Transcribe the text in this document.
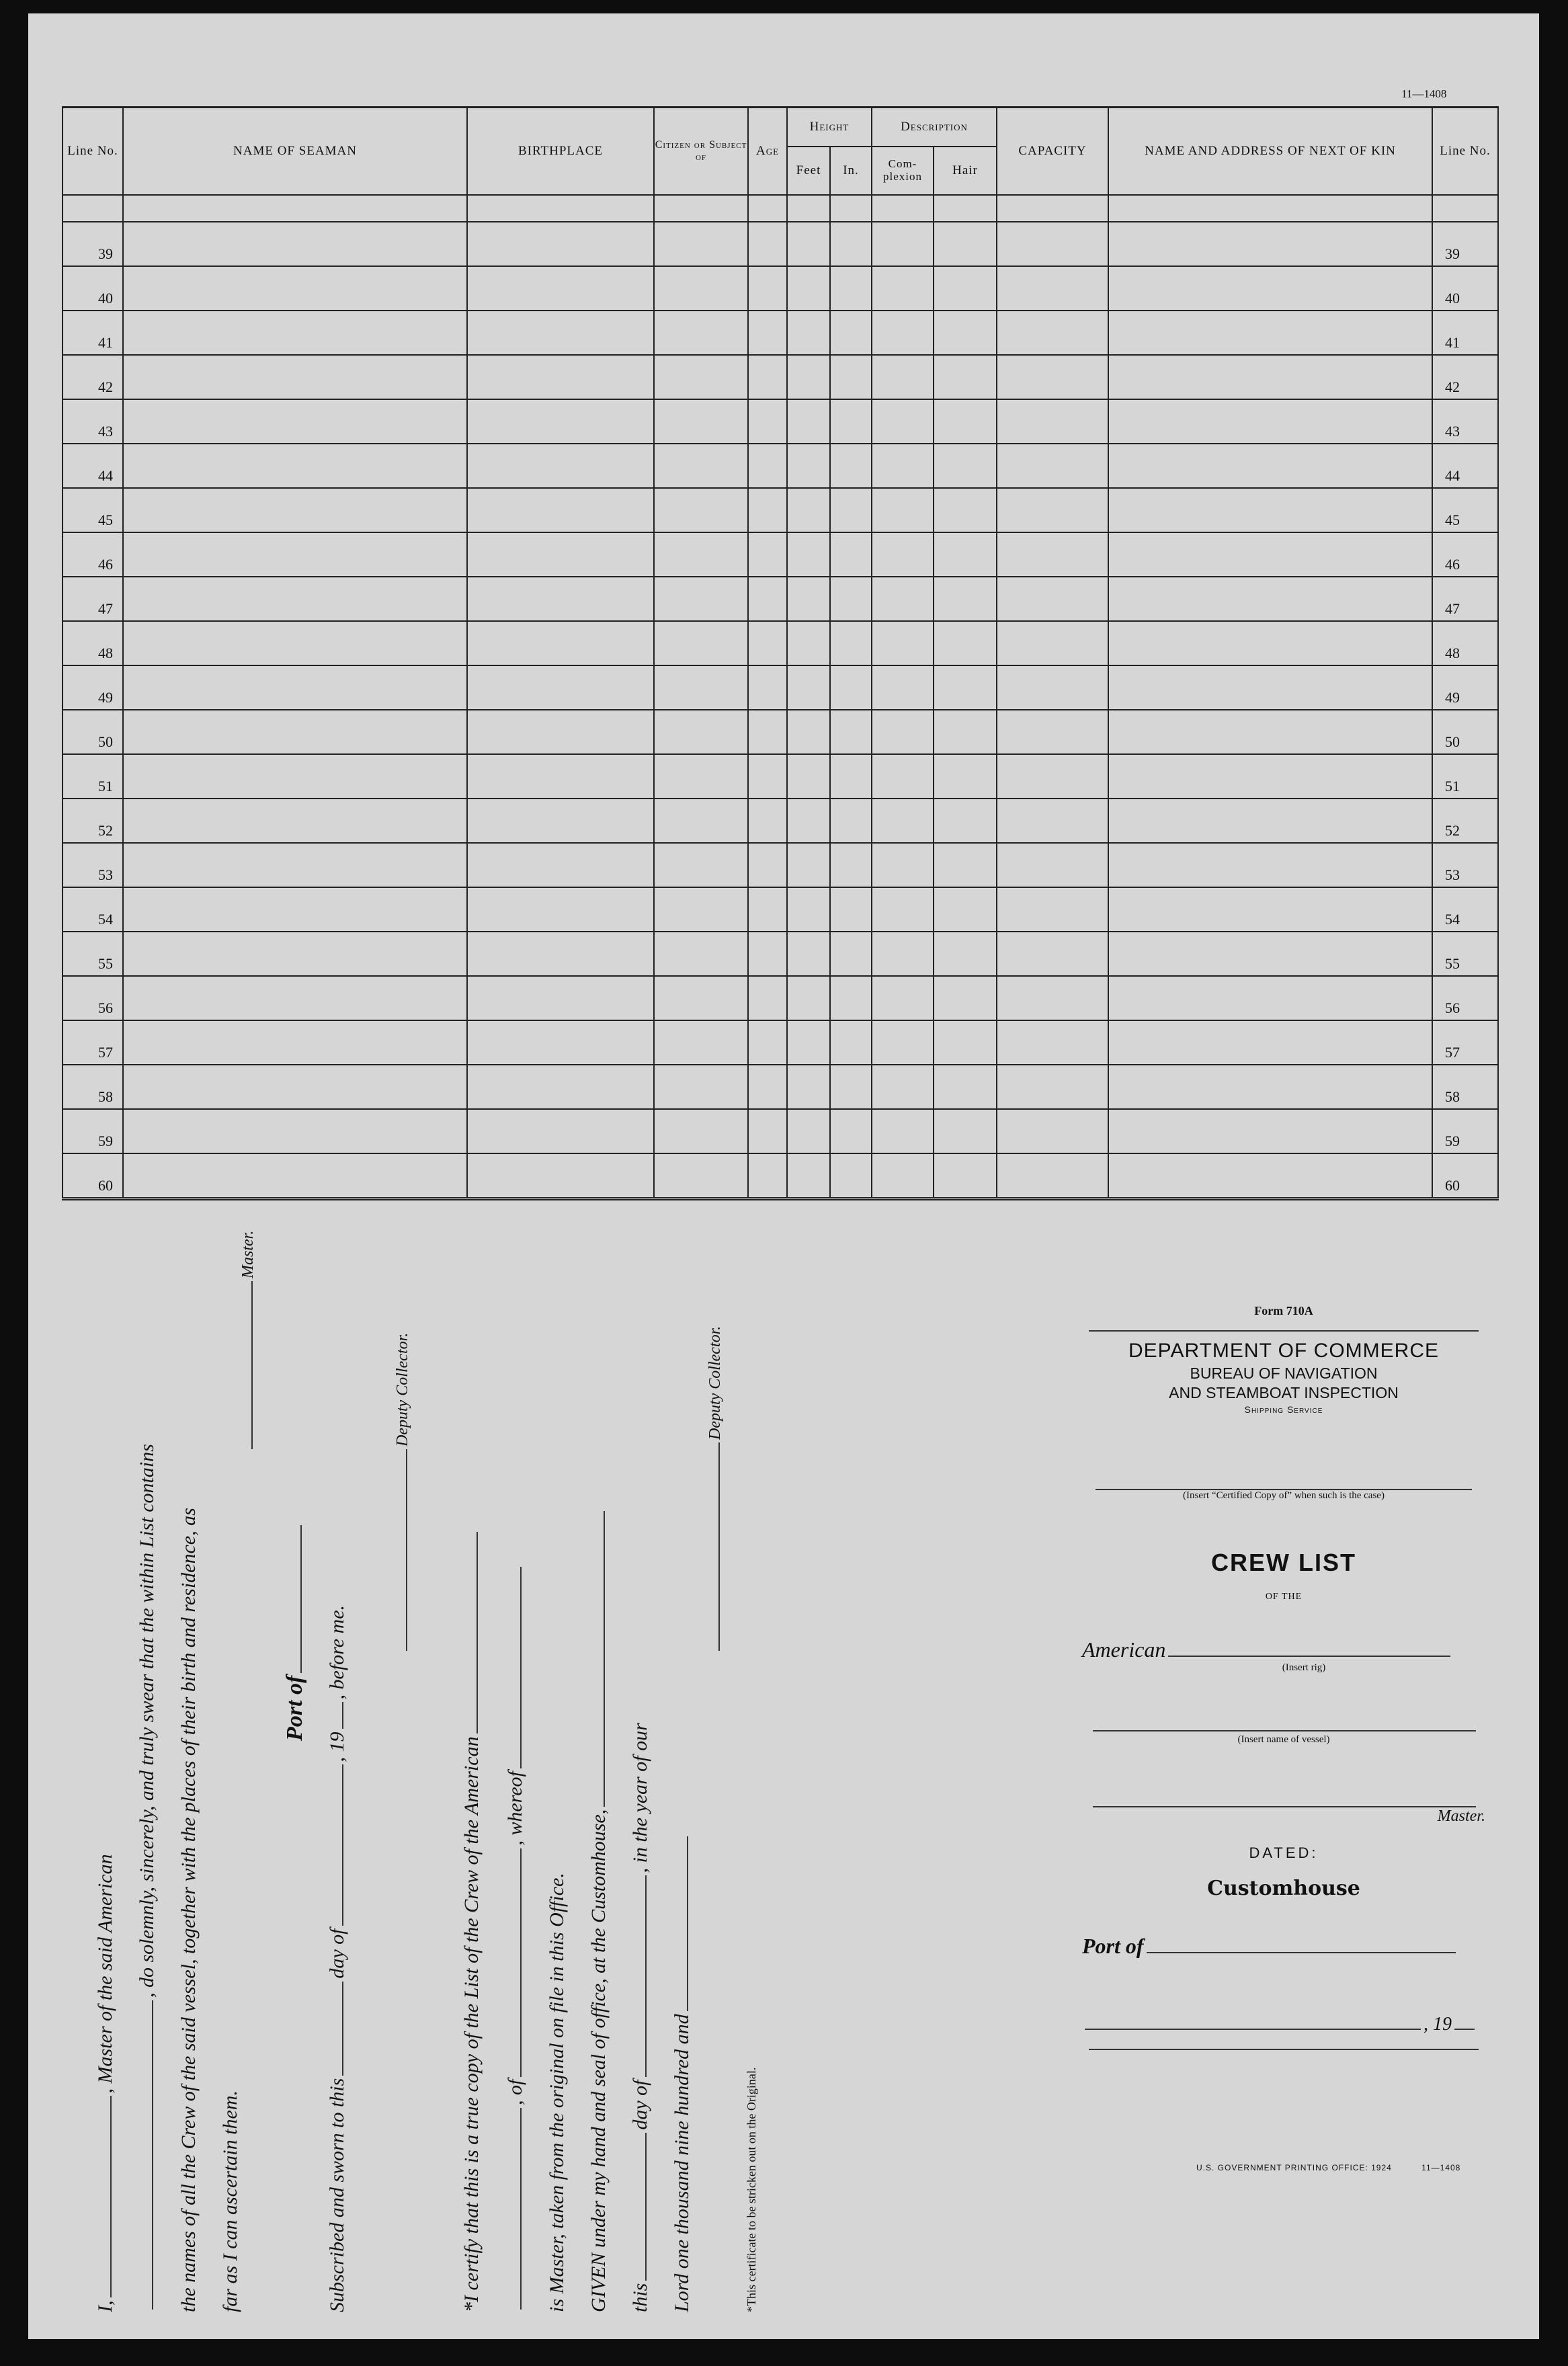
11—1408
Line No.	NAME OF SEAMAN	BIRTHPLACE	Citizen or Subject of	Age	Height		Description		CAPACITY	NAME AND ADDRESS OF NEXT OF KIN	Line No.
					Feet	In.	Com-plexion	Hair			

39											39
40											40
41											41
42											42
43											43
44											44
45											45
46											46
47											47
48											48
49											49
50											50
51											51
52											52
53											53
54											54
55											55
56											56
57											57
58											58
59											59
60											60
I,, Master of the said American , do solemnly, sincerely, and truly swear that the within List contains the names of all the Crew of the said vessel, together with the places of their birth and residence, as far as I can ascertain them.
Master.
Port of
Subscribed and sworn to thisday of, 19, before me.
Deputy Collector.
*I certify that this is a true copy of the List of the Crew of the American , of, whereof
is Master, taken from the original on file in this Office. GIVEN under my hand and seal of office, at the Customhouse, thisday of, in the year of our
Lord one thousand nine hundred and
Deputy Collector.
*This certificate to be stricken out on the Original.
Form 710A
DEPARTMENT OF COMMERCE
BUREAU OF NAVIGATION
AND STEAMBOAT INSPECTION
Shipping Service
(Insert “Certified Copy of” when such is the case)
CREW LIST
OF THE
American
(Insert rig)
(Insert name of vessel)
Master.
DATED:
Customhouse
Port of
, 19
U.S. GOVERNMENT PRINTING OFFICE: 1924	11—1408
